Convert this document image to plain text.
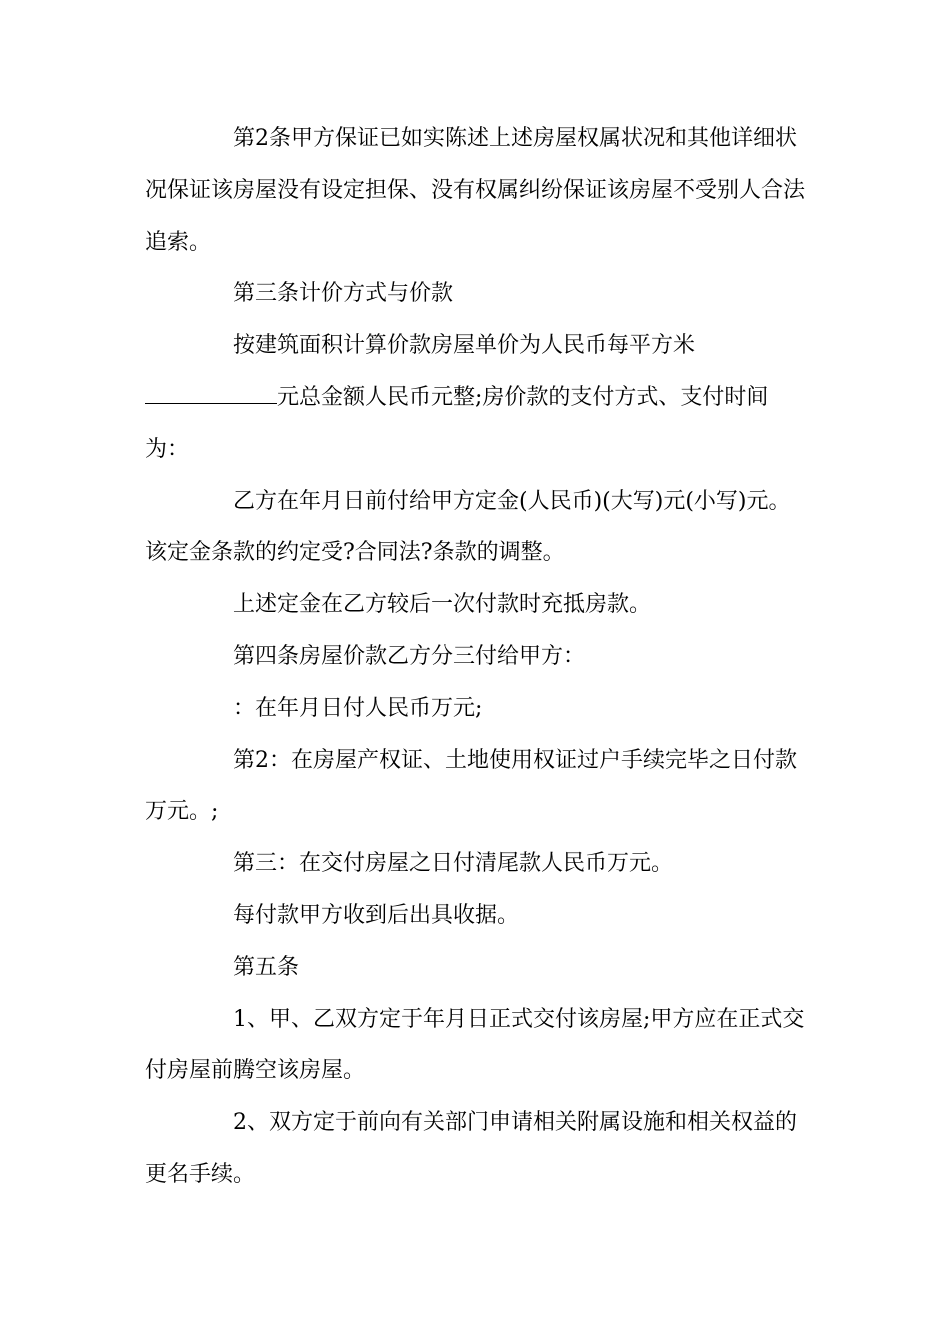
第2条甲方保证已如实陈述上述房屋权属状况和其他详细状况保证该房屋没有设定担保、没有权属纠纷保证该房屋不受别人合法追索。

第三条计价方式与价款

按建筑面积计算价款房屋单价为人民币每平方米

元总金额人民币元整;房价款的支付方式、支付时间为：

乙方在年月日前付给甲方定金(人民币)(大写)元(小写)元。该定金条款的约定受?合同法?条款的调整。

上述定金在乙方较后一次付款时充抵房款。

第四条房屋价款乙方分三付给甲方：

：在年月日付人民币万元;

第2：在房屋产权证、土地使用权证过户手续完毕之日付款万元。;

第三：在交付房屋之日付清尾款人民币万元。

每付款甲方收到后出具收据。

第五条

1、甲、乙双方定于年月日正式交付该房屋;甲方应在正式交付房屋前腾空该房屋。

2、双方定于前向有关部门申请相关附属设施和相关权益的更名手续。
